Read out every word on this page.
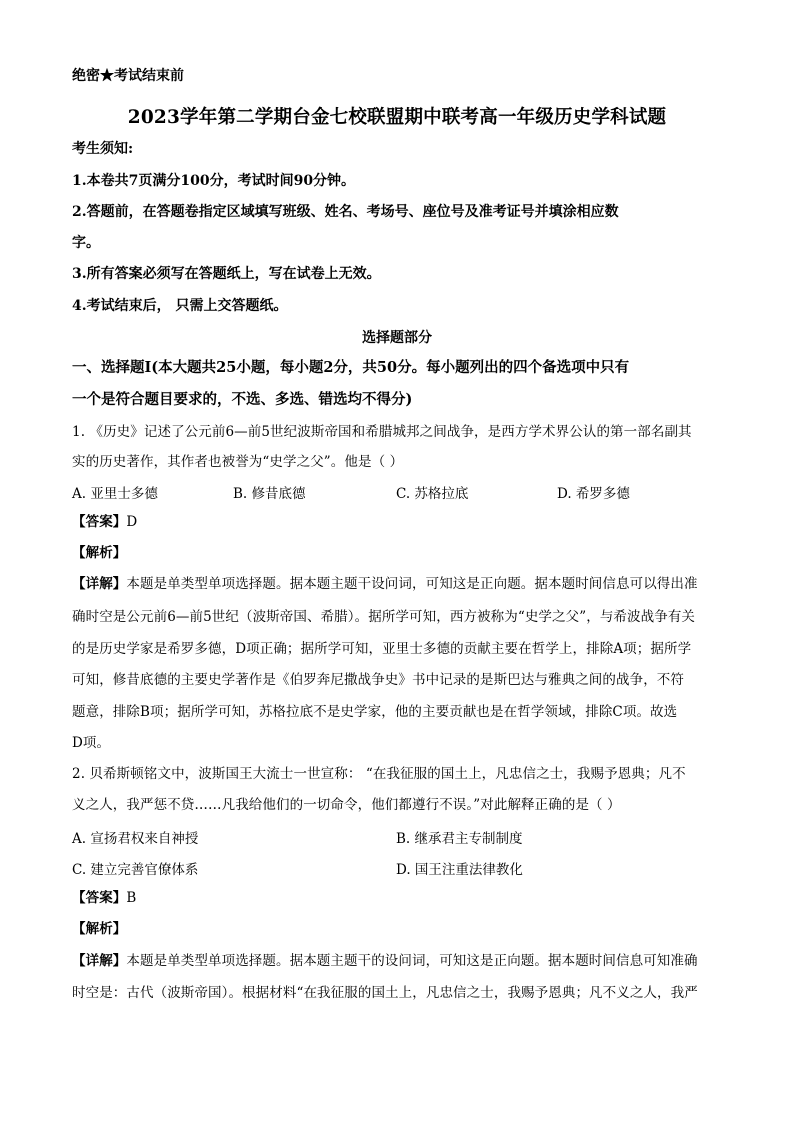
绝密★考试结束前
2023学年第二学期台金七校联盟期中联考高一年级历史学科试题
考生须知:
1.本卷共7页满分100分，考试时间90分钟。
2.答题前，在答题卷指定区域填写班级、姓名、考场号、座位号及准考证号并填涂相应数
字。
3.所有答案必须写在答题纸上，写在试卷上无效。
4.考试结束后， 只需上交答题纸。
选择题部分
一、选择题Ⅰ(本大题共25小题，每小题2分，共50分。每小题列出的四个备选项中只有
一个是符合题目要求的，不选、多选、错选均不得分)
1. 《历史》记述了公元前6—前5世纪波斯帝国和希腊城邦之间战争，是西方学术界公认的第一部名副其
实的历史著作，其作者也被誉为“史学之父”。他是（ ）
A. 亚里士多德	B. 修昔底德	C. 苏格拉底	D. 希罗多德
【答案】D
【解析】
【详解】本题是单类型单项选择题。据本题主题干设问词，可知这是正向题。据本题时间信息可以得出准
确时空是公元前6—前5世纪（波斯帝国、希腊）。据所学可知，西方被称为“史学之父”，与希波战争有关
的是历史学家是希罗多德，D项正确；据所学可知，亚里士多德的贡献主要在哲学上，排除A项；据所学
可知，修昔底德的主要史学著作是《伯罗奔尼撒战争史》书中记录的是斯巴达与雅典之间的战争，不符
题意，排除B项；据所学可知，苏格拉底不是史学家，他的主要贡献也是在哲学领域，排除C项。故选
D项。
2. 贝希斯顿铭文中，波斯国王大流士一世宣称： “在我征服的国土上，凡忠信之士，我赐予恩典；凡不
义之人，我严惩不贷……凡我给他们的一切命令，他们都遵行不误。”对此解释正确的是（ ）
A. 宣扬君权来自神授	B. 继承君主专制制度
C. 建立完善官僚体系	D. 国王注重法律教化
【答案】B
【解析】
【详解】本题是单类型单项选择题。据本题主题干的设问词，可知这是正向题。据本题时间信息可知准确
时空是：古代（波斯帝国）。根据材料“在我征服的国土上，凡忠信之士，我赐予恩典；凡不义之人，我严
